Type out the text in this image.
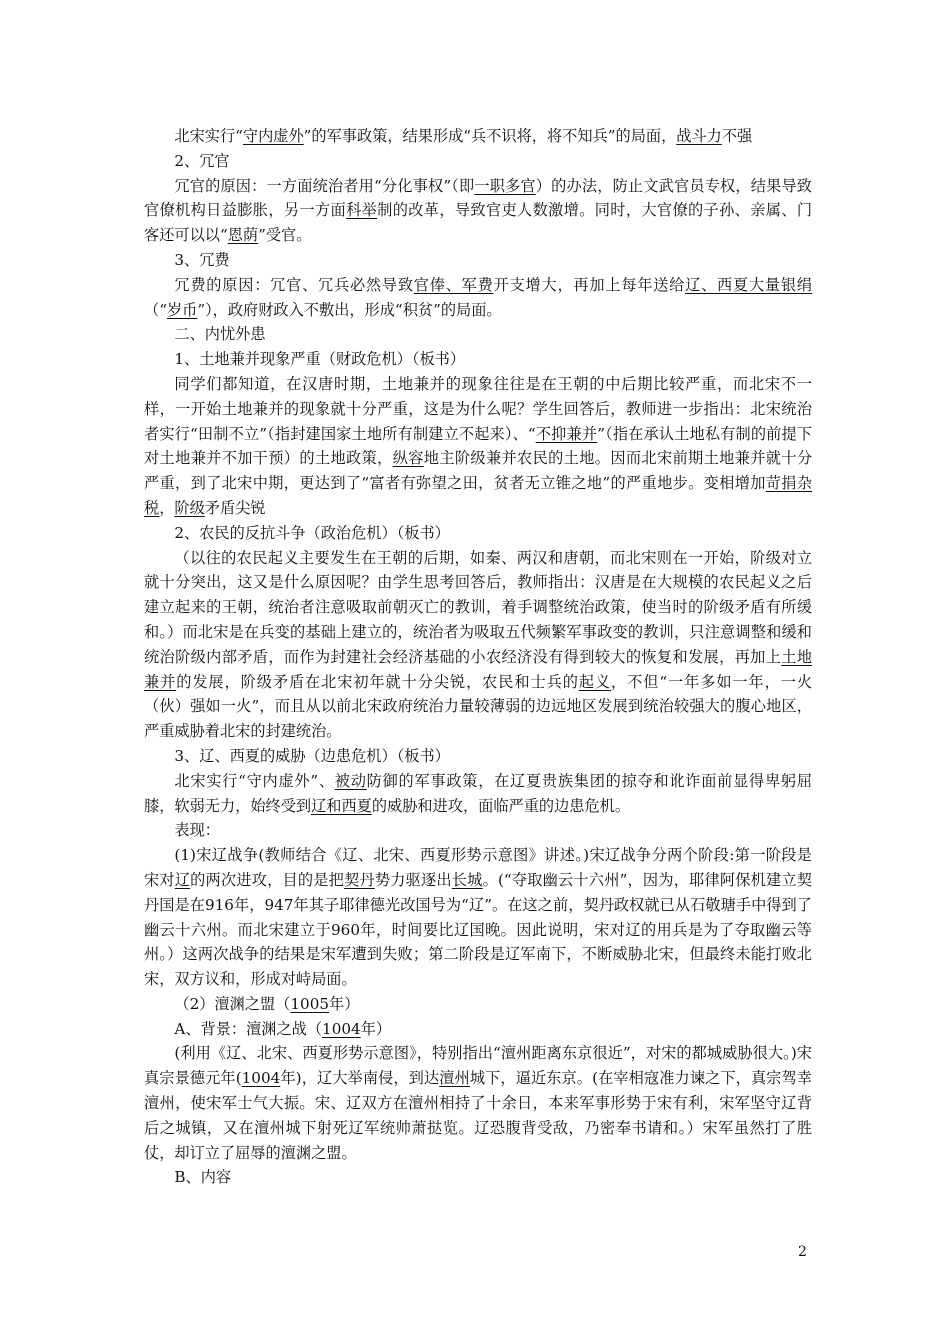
北宋实行“守内虚外”的军事政策，结果形成“兵不识将，将不知兵”的局面，战斗力不强

2、冗官

冗官的原因：一方面统治者用“分化事权”（即一职多官）的办法，防止文武官员专权，结果导致官僚机构日益膨胀，另一方面科举制的改革，导致官吏人数激增。同时，大官僚的子孙、亲属、门客还可以以“恩荫”受官。

3、冗费

冗费的原因：冗官、冗兵必然导致官俸、军费开支增大，再加上每年送给辽、西夏大量银绢（“岁币”），政府财政入不敷出，形成“积贫”的局面。

二、内忧外患

1、土地兼并现象严重（财政危机）（板书）

同学们都知道，在汉唐时期，土地兼并的现象往往是在王朝的中后期比较严重，而北宋不一样，一开始土地兼并的现象就十分严重，这是为什么呢？学生回答后，教师进一步指出：北宋统治者实行“田制不立”（指封建国家土地所有制建立不起来）、“不抑兼并”（指在承认土地私有制的前提下对土地兼并不加干预）的土地政策，纵容地主阶级兼并农民的土地。因而北宋前期土地兼并就十分严重，到了北宋中期，更达到了“富者有弥望之田，贫者无立锥之地”的严重地步。变相增加苛捐杂税，阶级矛盾尖锐

2、农民的反抗斗争（政治危机）（板书）

（以往的农民起义主要发生在王朝的后期，如秦、两汉和唐朝，而北宋则在一开始，阶级对立就十分突出，这又是什么原因呢？由学生思考回答后，教师指出：汉唐是在大规模的农民起义之后建立起来的王朝，统治者注意吸取前朝灭亡的教训，着手调整统治政策，使当时的阶级矛盾有所缓和。）而北宋是在兵变的基础上建立的，统治者为吸取五代频繁军事政变的教训，只注意调整和缓和统治阶级内部矛盾，而作为封建社会经济基础的小农经济没有得到较大的恢复和发展，再加上土地兼并的发展，阶级矛盾在北宋初年就十分尖锐，农民和士兵的起义，不但“一年多如一年，一火（伙）强如一火”，而且从以前北宋政府统治力量较薄弱的边远地区发展到统治较强大的腹心地区，严重威胁着北宋的封建统治。

3、辽、西夏的威胁（边患危机）（板书）

北宋实行“守内虚外”、被动防御的军事政策，在辽夏贵族集团的掠夺和讹诈面前显得卑躬屈膝，软弱无力，始终受到辽和西夏的威胁和进攻，面临严重的边患危机。

表现：

(1)宋辽战争(教师结合《辽、北宋、西夏形势示意图》讲述。)宋辽战争分两个阶段:第一阶段是宋对辽的两次进攻，目的是把契丹势力驱逐出长城。(“夺取幽云十六州”，因为，耶律阿保机建立契丹国是在916年，947年其子耶律德光改国号为“辽”。在这之前，契丹政权就已从石敬瑭手中得到了幽云十六州。而北宋建立于960年，时间要比辽国晚。因此说明，宋对辽的用兵是为了夺取幽云等州。）这两次战争的结果是宋军遭到失败；第二阶段是辽军南下，不断威胁北宋，但最终未能打败北宋，双方议和，形成对峙局面。

（2）澶渊之盟（1005年）

A、背景：澶渊之战（1004年）

(利用《辽、北宋、西夏形势示意图》，特别指出“澶州距离东京很近”，对宋的都城威胁很大。)宋真宗景德元年(1004年)，辽大举南侵，到达澶州城下，逼近东京。(在宰相寇准力谏之下，真宗驾幸澶州，使宋军士气大振。宋、辽双方在澶州相持了十余日，本来军事形势于宋有利，宋军坚守辽背后之城镇，又在澶州城下射死辽军统帅萧挞览。辽恐腹背受敌，乃密奉书请和。）宋军虽然打了胜仗，却订立了屈辱的澶渊之盟。

B、内容

2
